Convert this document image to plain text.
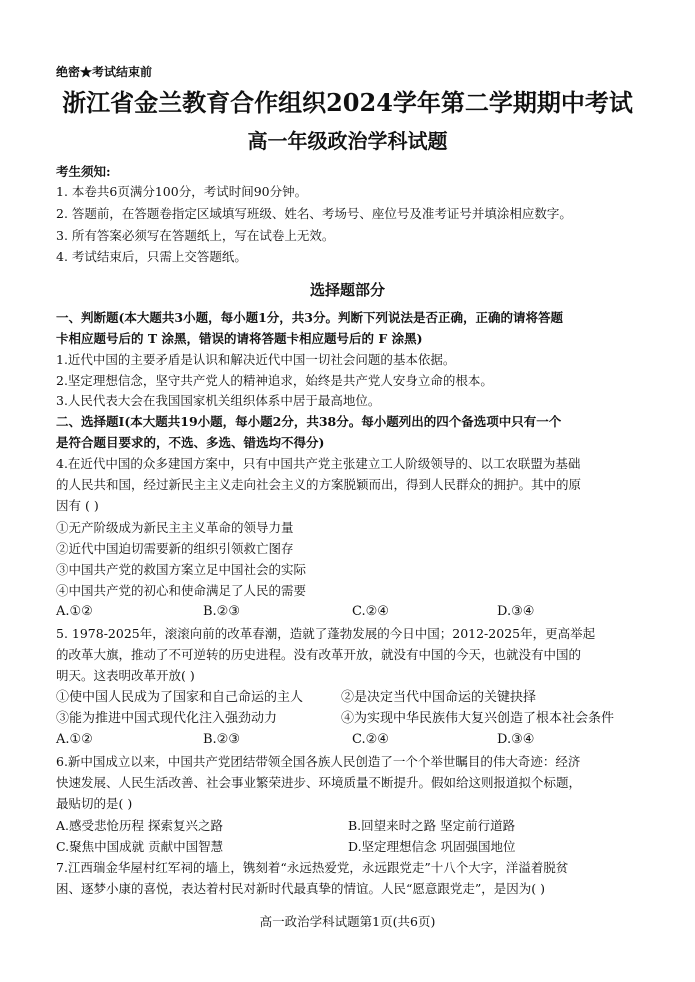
绝密★考试结束前
浙江省金兰教育合作组织2024学年第二学期期中考试
高一年级政治学科试题
考生须知:
1. 本卷共6页满分100分，考试时间90分钟。
2. 答题前，在答题卷指定区域填写班级、姓名、考场号、座位号及准考证号并填涂相应数字。
3. 所有答案必须写在答题纸上，写在试卷上无效。
4. 考试结束后，只需上交答题纸。
选择题部分
一、判断题(本大题共3小题，每小题1分，共3分。判断下列说法是否正确，正确的请将答题
卡相应题号后的 T 涂黑，错误的请将答题卡相应题号后的 F 涂黑)
1.近代中国的主要矛盾是认识和解决近代中国一切社会问题的基本依据。
2.坚定理想信念，坚守共产党人的精神追求，始终是共产党人安身立命的根本。
3.人民代表大会在我国国家机关组织体系中居于最高地位。
二、选择题Ⅰ(本大题共19小题，每小题2分，共38分。每小题列出的四个备选项中只有一个
是符合题目要求的，不选、多选、错选均不得分)
4.在近代中国的众多建国方案中，只有中国共产党主张建立工人阶级领导的、以工农联盟为基础
的人民共和国，经过新民主主义走向社会主义的方案脱颖而出，得到人民群众的拥护。其中的原
因有 ( )
①无产阶级成为新民主主义革命的领导力量
②近代中国迫切需要新的组织引领救亡图存
③中国共产党的救国方案立足中国社会的实际
④中国共产党的初心和使命满足了人民的需要
A.①②	B.②③	C.②④	D.③④
5. 1978-2025年，滚滚向前的改革春潮，造就了蓬勃发展的今日中国；2012-2025年，更高举起
的改革大旗，推动了不可逆转的历史进程。没有改革开放，就没有中国的今天，也就没有中国的
明天。这表明改革开放( )
①使中国人民成为了国家和自己命运的主人	②是决定当代中国命运的关键抉择
③能为推进中国式现代化注入强劲动力	④为实现中华民族伟大复兴创造了根本社会条件
A.①②	B.②③	C.②④	D.③④
6.新中国成立以来，中国共产党团结带领全国各族人民创造了一个个举世瞩目的伟大奇迹：经济
快速发展、人民生活改善、社会事业繁荣进步、环境质量不断提升。假如给这则报道拟个标题，
最贴切的是( )
A.感受悲怆历程 探索复兴之路	B.回望来时之路 坚定前行道路
C.聚焦中国成就 贡献中国智慧	D.坚定理想信念 巩固强国地位
7.江西瑞金华屋村红军祠的墙上，镌刻着“永远热爱党，永远跟党走”十八个大字，洋溢着脱贫
困、逐梦小康的喜悦，表达着村民对新时代最真挚的情谊。人民“愿意跟党走”，是因为( )
高一政治学科试题第1页(共6页)
